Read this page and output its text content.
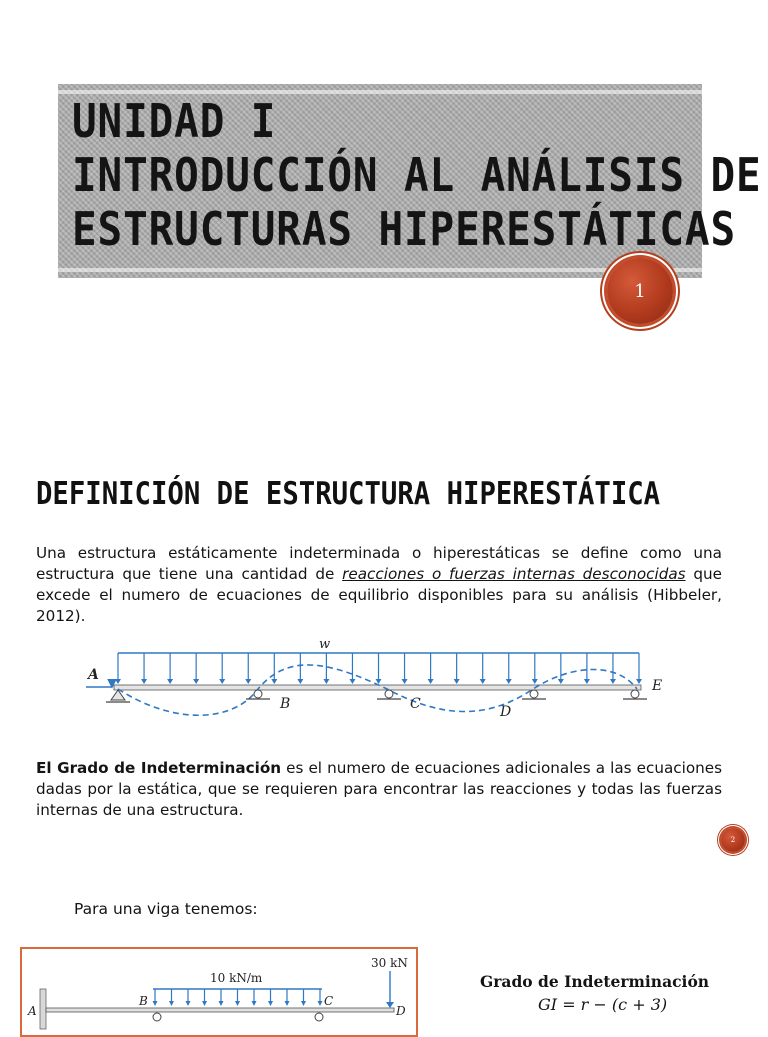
UNIDAD I
INTRODUCCIÓN AL ANÁLISIS DE
ESTRUCTURAS HIPERESTÁTICAS
1
DEFINICIÓN DE ESTRUCTURA HIPERESTÁTICA

Una estructura estáticamente indeterminada o hiperestáticas se define como una estructura que tiene una cantidad de reacciones o fuerzas internas desconocidas que excede el numero de ecuaciones de equilibrio disponibles para su análisis (Hibbeler, 2012).

w
A
B	C	D
E

El Grado de Indeterminación es el numero de ecuaciones adicionales a las ecuaciones dadas por la estática, que se requieren para encontrar las reacciones y todas las fuerzas internas de una estructura.

2

Para una viga tenemos:

10 kN/m
30 kN
A
B	C
D

Grado de Indeterminación

GI = r − (c + 3)
